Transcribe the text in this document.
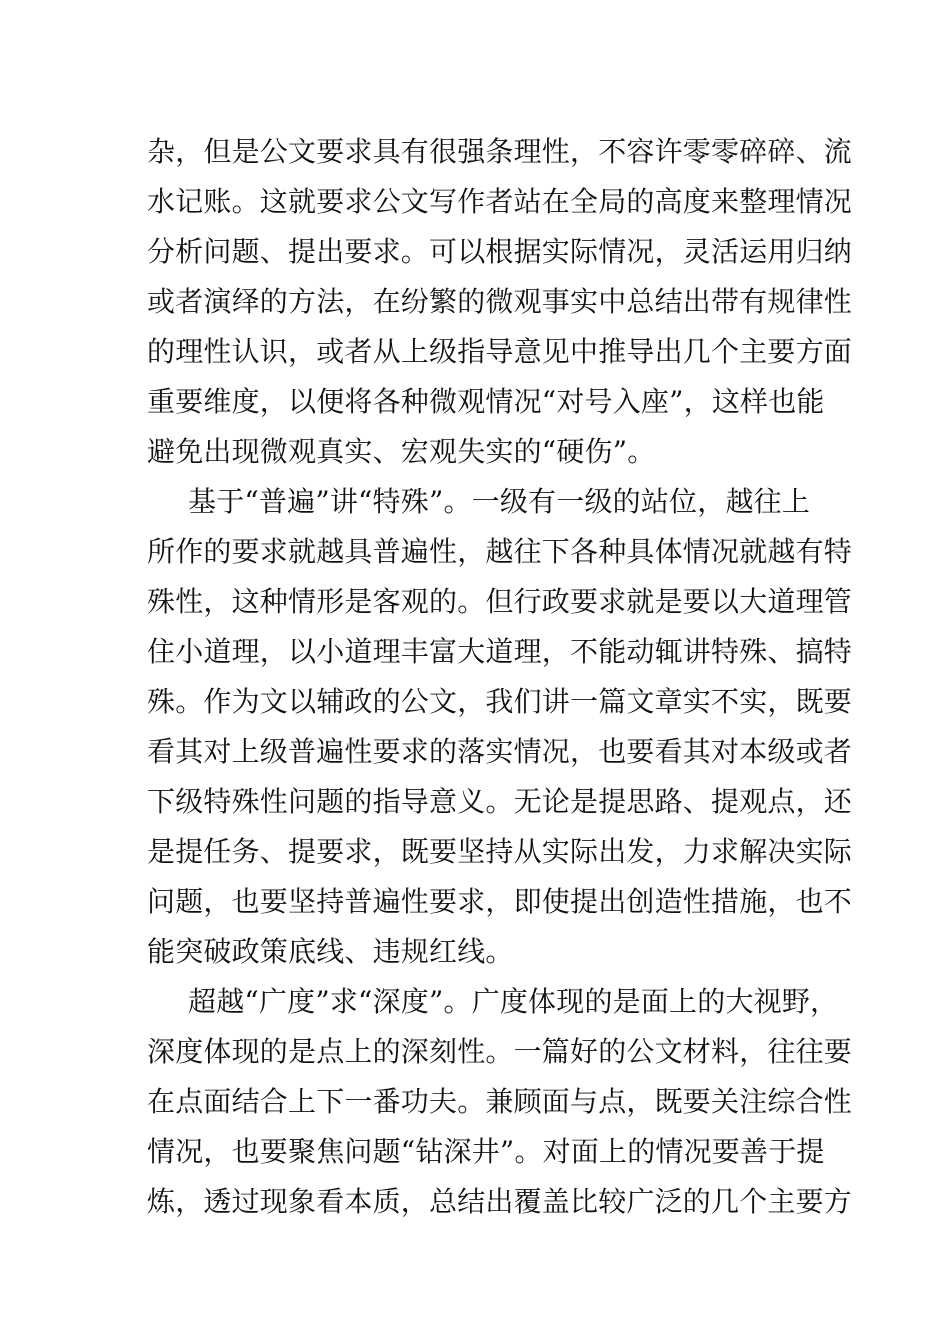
杂，但是公文要求具有很强条理性，不容许零零碎碎、流
水记账。这就要求公文写作者站在全局的高度来整理情况
分析问题、提出要求。可以根据实际情况，灵活运用归纳
或者演绎的方法，在纷繁的微观事实中总结出带有规律性
的理性认识，或者从上级指导意见中推导出几个主要方面
重要维度，以便将各种微观情况“对号入座”，这样也能
避免出现微观真实、宏观失实的“硬伤”。
基于“普遍”讲“特殊”。一级有一级的站位，越往上
所作的要求就越具普遍性，越往下各种具体情况就越有特
殊性，这种情形是客观的。但行政要求就是要以大道理管
住小道理，以小道理丰富大道理，不能动辄讲特殊、搞特
殊。作为文以辅政的公文，我们讲一篇文章实不实，既要
看其对上级普遍性要求的落实情况，也要看其对本级或者
下级特殊性问题的指导意义。无论是提思路、提观点，还
是提任务、提要求，既要坚持从实际出发，力求解决实际
问题，也要坚持普遍性要求，即使提出创造性措施，也不
能突破政策底线、违规红线。
超越“广度”求“深度”。广度体现的是面上的大视野，
深度体现的是点上的深刻性。一篇好的公文材料，往往要
在点面结合上下一番功夫。兼顾面与点，既要关注综合性
情况，也要聚焦问题“钻深井”。对面上的情况要善于提
炼，透过现象看本质，总结出覆盖比较广泛的几个主要方
